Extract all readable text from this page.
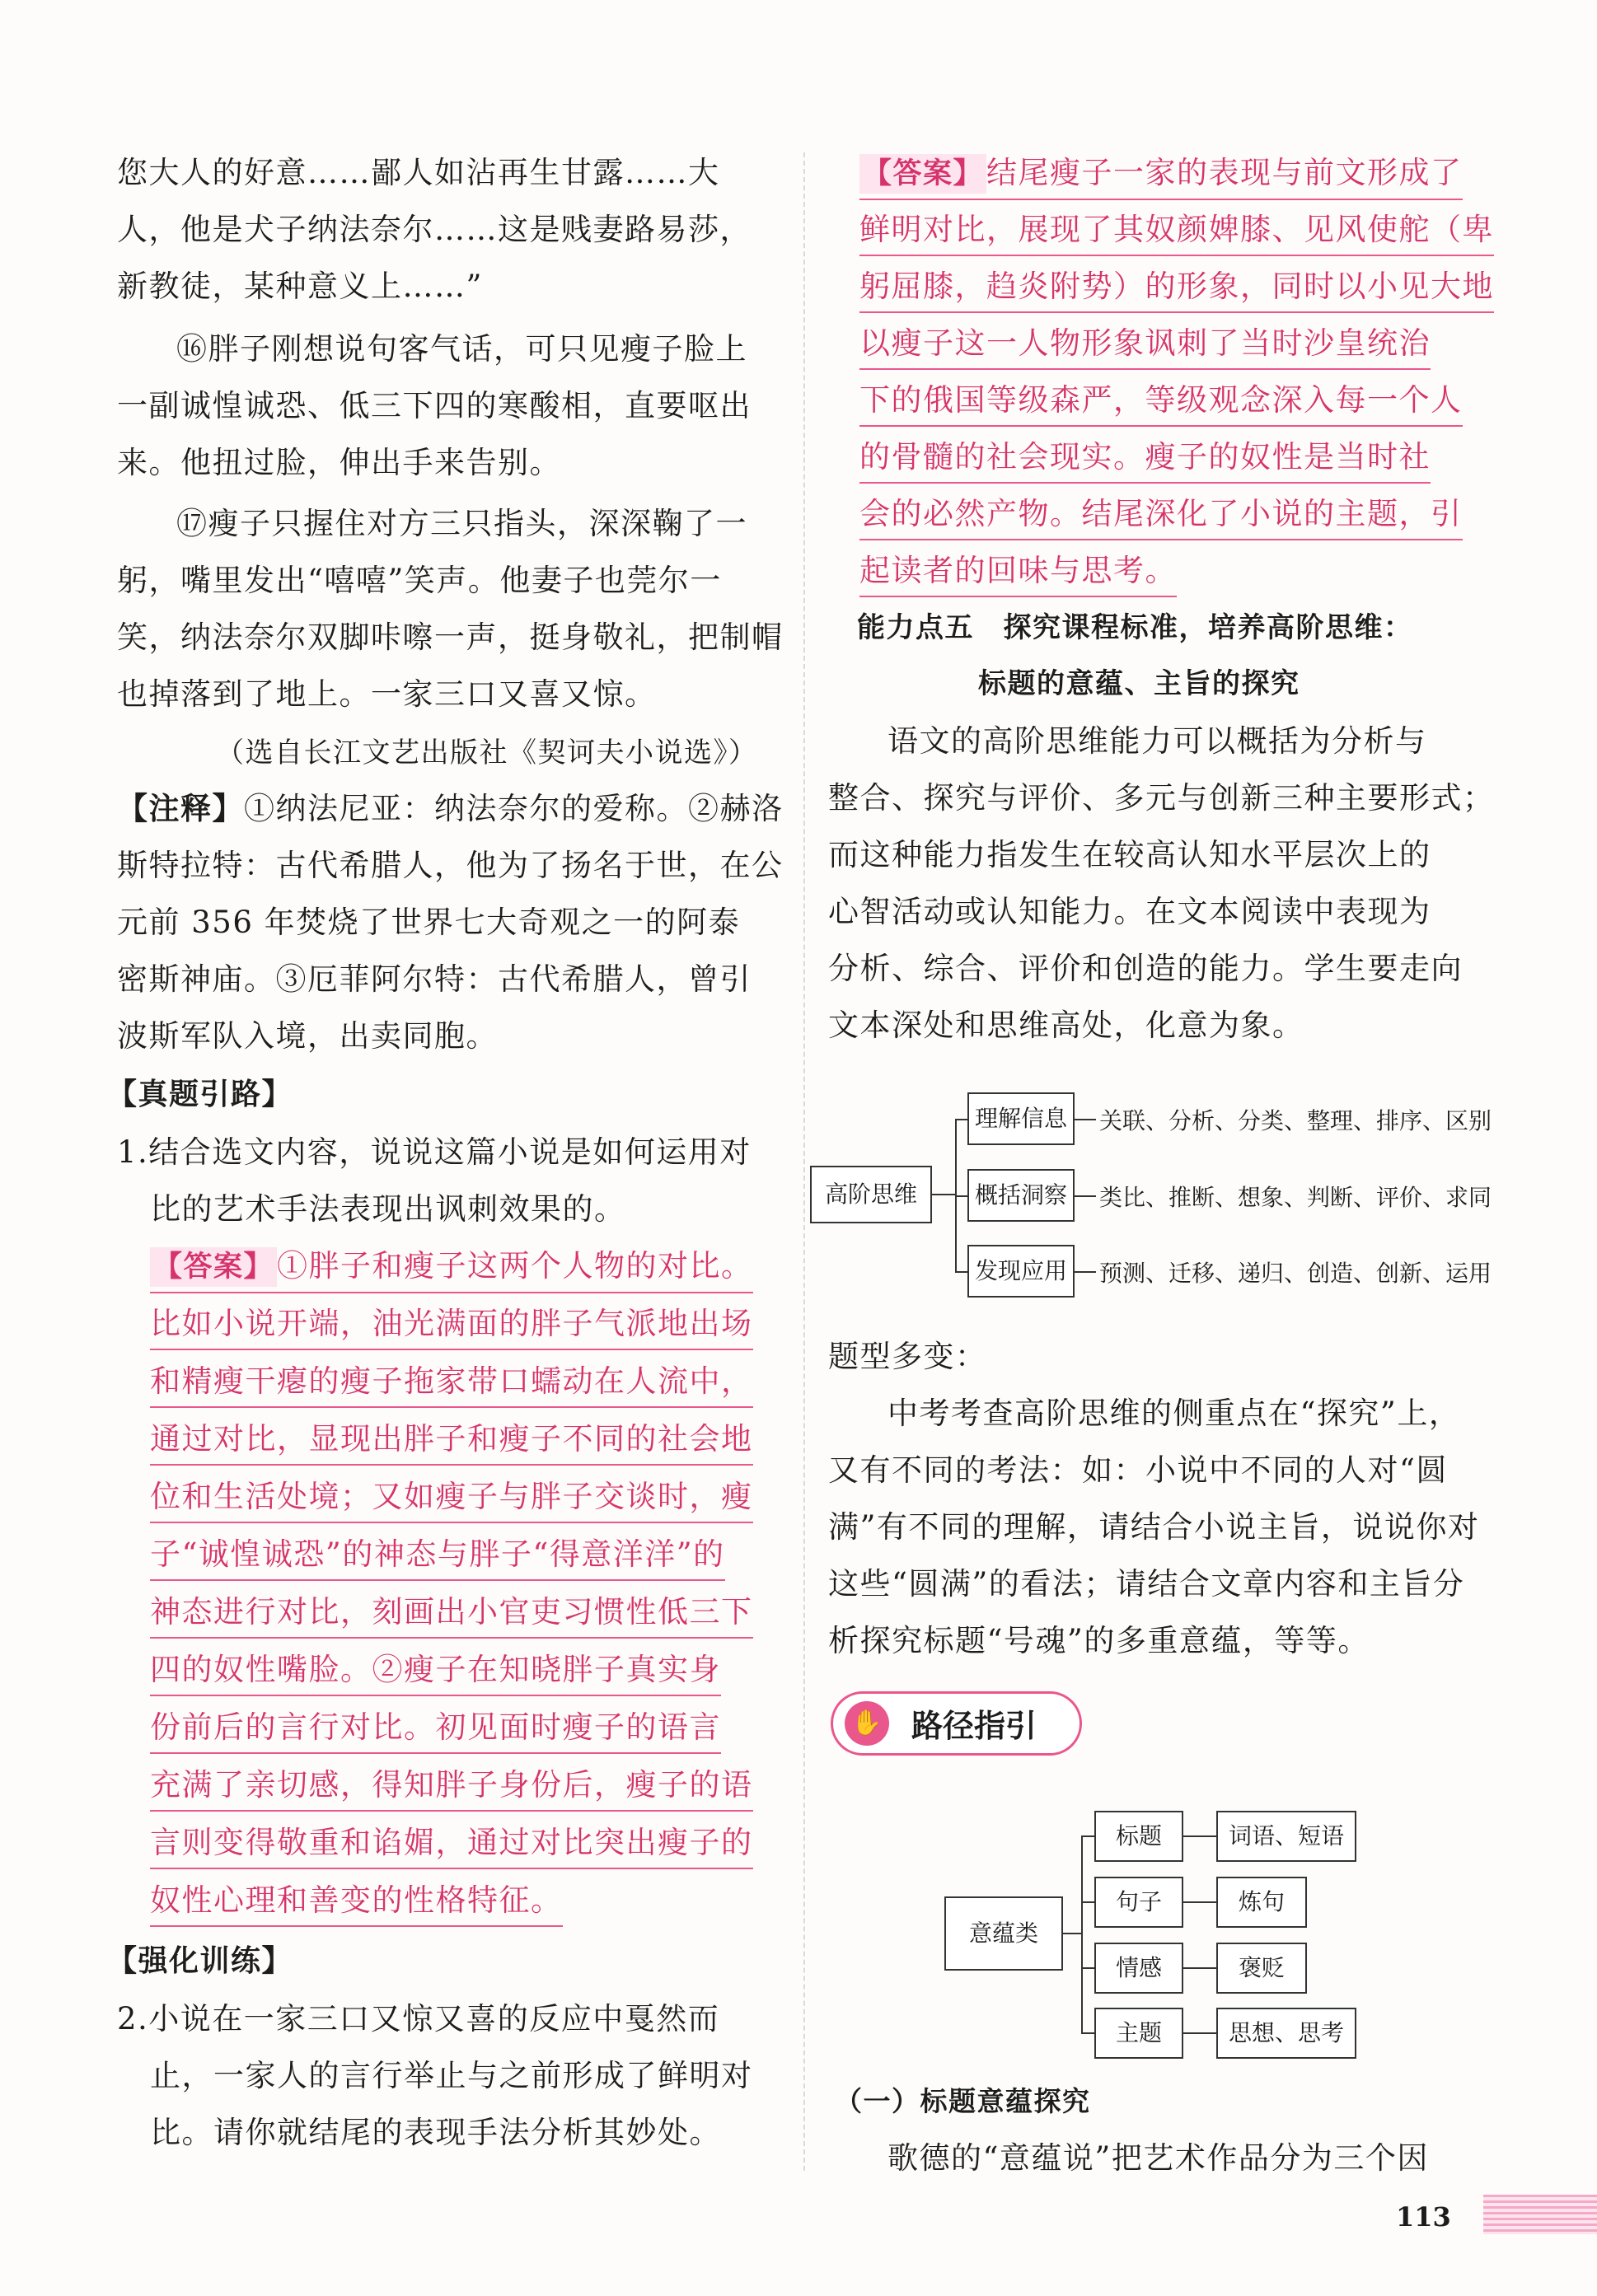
您大人的好意……鄙人如沾再生甘露……大
人，他是犬子纳法奈尔……这是贱妻路易莎，
新教徒，某种意义上……”
⑯胖子刚想说句客气话，可只见瘦子脸上
一副诚惶诚恐、低三下四的寒酸相，直要呕出
来。他扭过脸，伸出手来告别。
⑰瘦子只握住对方三只指头，深深鞠了一
躬，嘴里发出“嘻嘻”笑声。他妻子也莞尔一
笑，纳法奈尔双脚咔嚓一声，挺身敬礼，把制帽
也掉落到了地上。一家三口又喜又惊。
（选自长江文艺出版社《契诃夫小说选》）
【注释】①纳法尼亚：纳法奈尔的爱称。②赫洛
斯特拉特：古代希腊人，他为了扬名于世，在公
元前 356 年焚烧了世界七大奇观之一的阿泰
密斯神庙。③厄菲阿尔特：古代希腊人，曾引
波斯军队入境，出卖同胞。
【真题引路】
1.结合选文内容，说说这篇小说是如何运用对
比的艺术手法表现出讽刺效果的。
【答案】 ①胖子和瘦子这两个人物的对比。
比如小说开端，油光满面的胖子气派地出场
和精瘦干瘪的瘦子拖家带口蠕动在人流中，
通过对比，显现出胖子和瘦子不同的社会地
位和生活处境；又如瘦子与胖子交谈时，瘦
子“诚惶诚恐”的神态与胖子“得意洋洋”的
神态进行对比，刻画出小官吏习惯性低三下
四的奴性嘴脸。②瘦子在知晓胖子真实身
份前后的言行对比。初见面时瘦子的语言
充满了亲切感，得知胖子身份后，瘦子的语
言则变得敬重和谄媚，通过对比突出瘦子的
奴性心理和善变的性格特征。
【强化训练】
2.小说在一家三口又惊又喜的反应中戛然而
止，一家人的言行举止与之前形成了鲜明对
比。请你就结尾的表现手法分析其妙处。
【答案】 结尾瘦子一家的表现与前文形成了
鲜明对比，展现了其奴颜婢膝、见风使舵（卑
躬屈膝，趋炎附势）的形象，同时以小见大地
以瘦子这一人物形象讽刺了当时沙皇统治
下的俄国等级森严，等级观念深入每一个人
的骨髓的社会现实。瘦子的奴性是当时社
会的必然产物。结尾深化了小说的主题，引
起读者的回味与思考。
能力点五　探究课程标准，培养高阶思维：
标题的意蕴、主旨的探究
语文的高阶思维能力可以概括为分析与
整合、探究与评价、多元与创新三种主要形式；
而这种能力指发生在较高认知水平层次上的
心智活动或认知能力。在文本阅读中表现为
分析、综合、评价和创造的能力。学生要走向
文本深处和思维高处，化意为象。
高阶思维
理解信息
概括洞察
发现应用
关联、分析、分类、整理、排序、区别
类比、推断、想象、判断、评价、求同
预测、迁移、递归、创造、创新、运用
题型多变：
中考考查高阶思维的侧重点在“探究”上，
又有不同的考法：如：小说中不同的人对“圆
满”有不同的理解，请结合小说主旨，说说你对
这些“圆满”的看法；请结合文章内容和主旨分
析探究标题“号魂”的多重意蕴，等等。
✋ 路径指引
意蕴类
标题
句子
情感
主题
词语、短语
炼句
褒贬
思想、思考
（一）标题意蕴探究
歌德的“意蕴说”把艺术作品分为三个因
113
